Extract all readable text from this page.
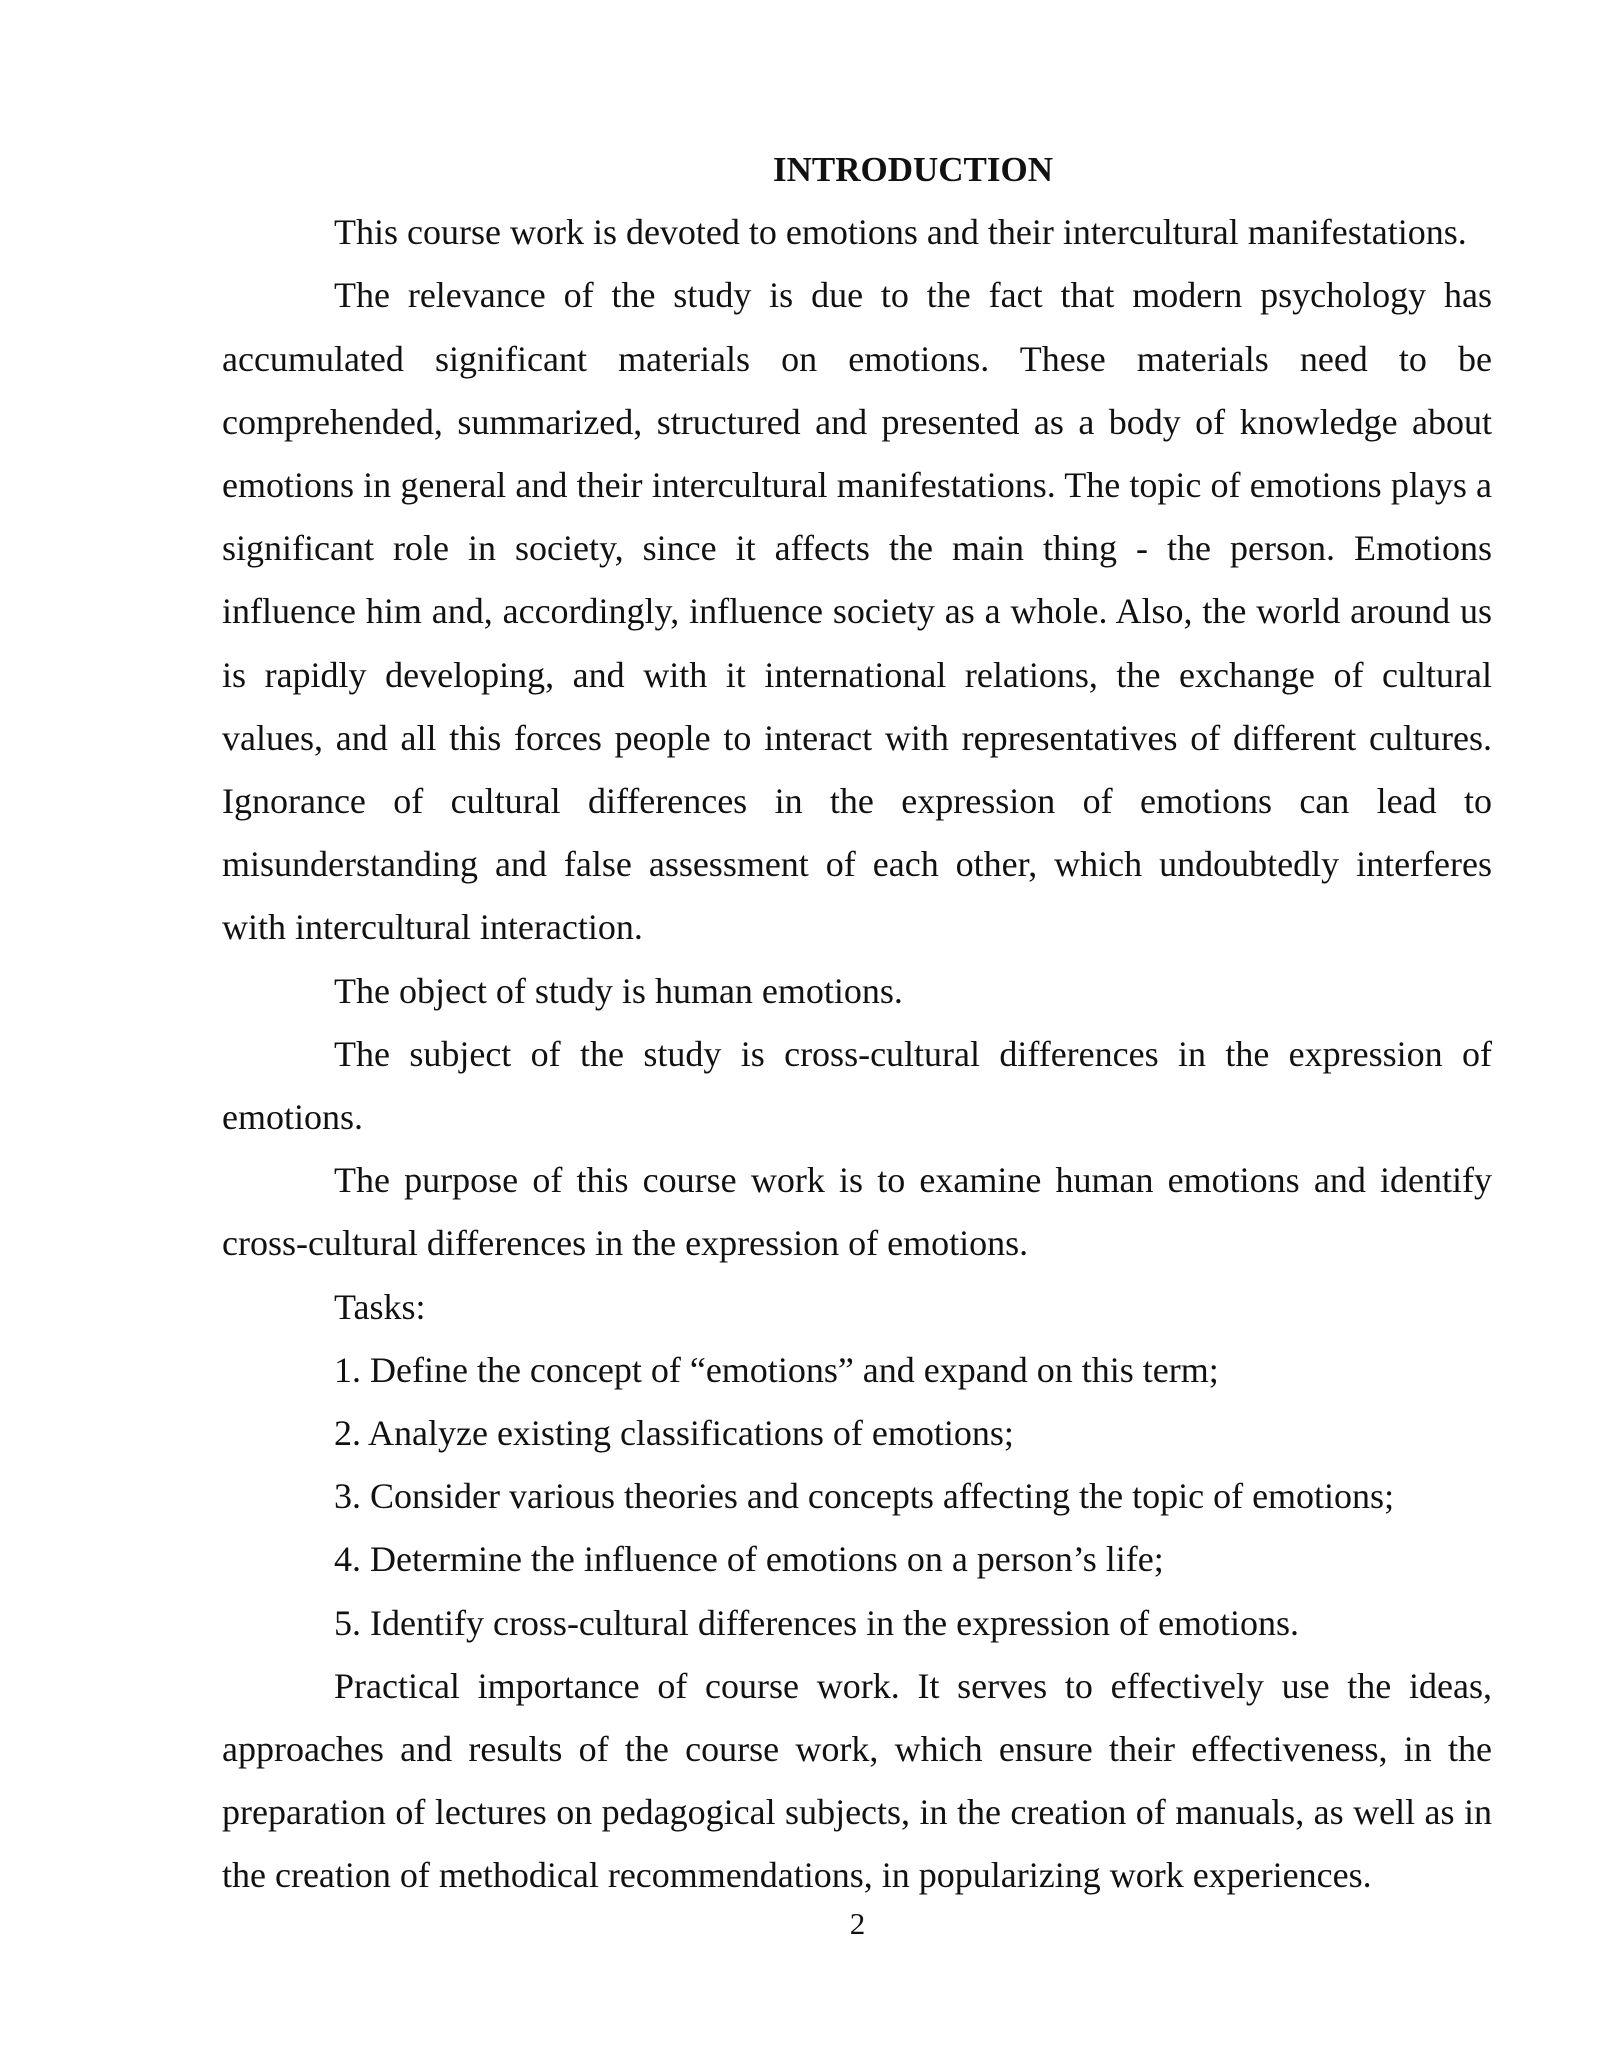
INTRODUCTION

This course work is devoted to emotions and their intercultural manifestations.

The relevance of the study is due to the fact that modern psychology has accumulated significant materials on emotions. These materials need to be comprehended, summarized, structured and presented as a body of knowledge about emotions in general and their intercultural manifestations. The topic of emotions plays a significant role in society, since it affects the main thing - the person. Emotions influence him and, accordingly, influence society as a whole. Also, the world around us is rapidly developing, and with it international relations, the exchange of cultural values, and all this forces people to interact with representatives of different cultures. Ignorance of cultural differences in the expression of emotions can lead to misunderstanding and false assessment of each other, which undoubtedly interferes with intercultural interaction.

The object of study is human emotions.

The subject of the study is cross-cultural differences in the expression of emotions.

The purpose of this course work is to examine human emotions and identify cross-cultural differences in the expression of emotions.

Tasks:

1. Define the concept of “emotions” and expand on this term;

2. Analyze existing classifications of emotions;

3. Consider various theories and concepts affecting the topic of emotions;

4. Determine the influence of emotions on a person’s life;

5. Identify cross-cultural differences in the expression of emotions.

Practical importance of course work. It serves to effectively use the ideas, approaches and results of the course work, which ensure their effectiveness, in the preparation of lectures on pedagogical subjects, in the creation of manuals, as well as in the creation of methodical recommendations, in popularizing work experiences.

2
